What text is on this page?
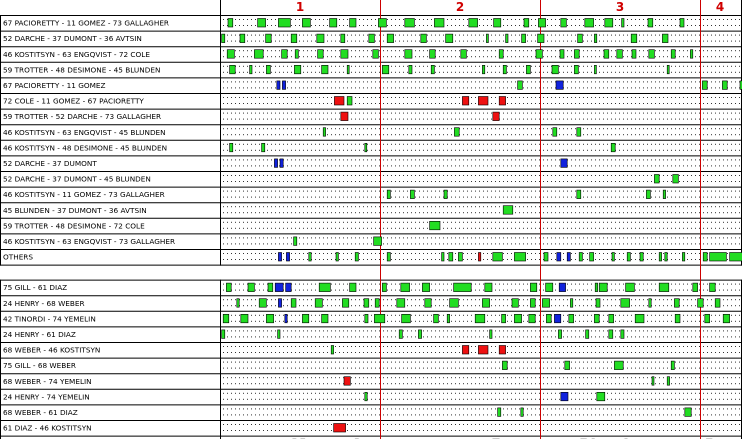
1	2	3	4
67 PACIORETTY - 11 GOMEZ - 73 GALLAGHER
52 DARCHE - 37 DUMONT - 36 AVTSIN
46 KOSTITSYN - 63 ENGQVIST - 72 COLE
59 TROTTER - 48 DESIMONE - 45 BLUNDEN
67 PACIORETTY - 11 GOMEZ
72 COLE - 11 GOMEZ - 67 PACIORETTY
59 TROTTER - 52 DARCHE - 73 GALLAGHER
46 KOSTITSYN - 63 ENGQVIST - 45 BLUNDEN
46 KOSTITSYN - 48 DESIMONE - 45 BLUNDEN
52 DARCHE - 37 DUMONT
52 DARCHE - 37 DUMONT - 45 BLUNDEN
46 KOSTITSYN - 11 GOMEZ - 73 GALLAGHER
45 BLUNDEN - 37 DUMONT - 36 AVTSIN
59 TROTTER - 48 DESIMONE - 72 COLE
46 KOSTITSYN - 63 ENGQVIST - 73 GALLAGHER
OTHERS
75 GILL - 61 DIAZ
24 HENRY - 68 WEBER
42 TINORDI - 74 YEMELIN
24 HENRY - 61 DIAZ
68 WEBER - 46 KOSTITSYN
75 GILL - 68 WEBER
68 WEBER - 74 YEMELIN
24 HENRY - 74 YEMELIN
68 WEBER - 61 DIAZ
61 DIAZ - 46 KOSTITSYN
